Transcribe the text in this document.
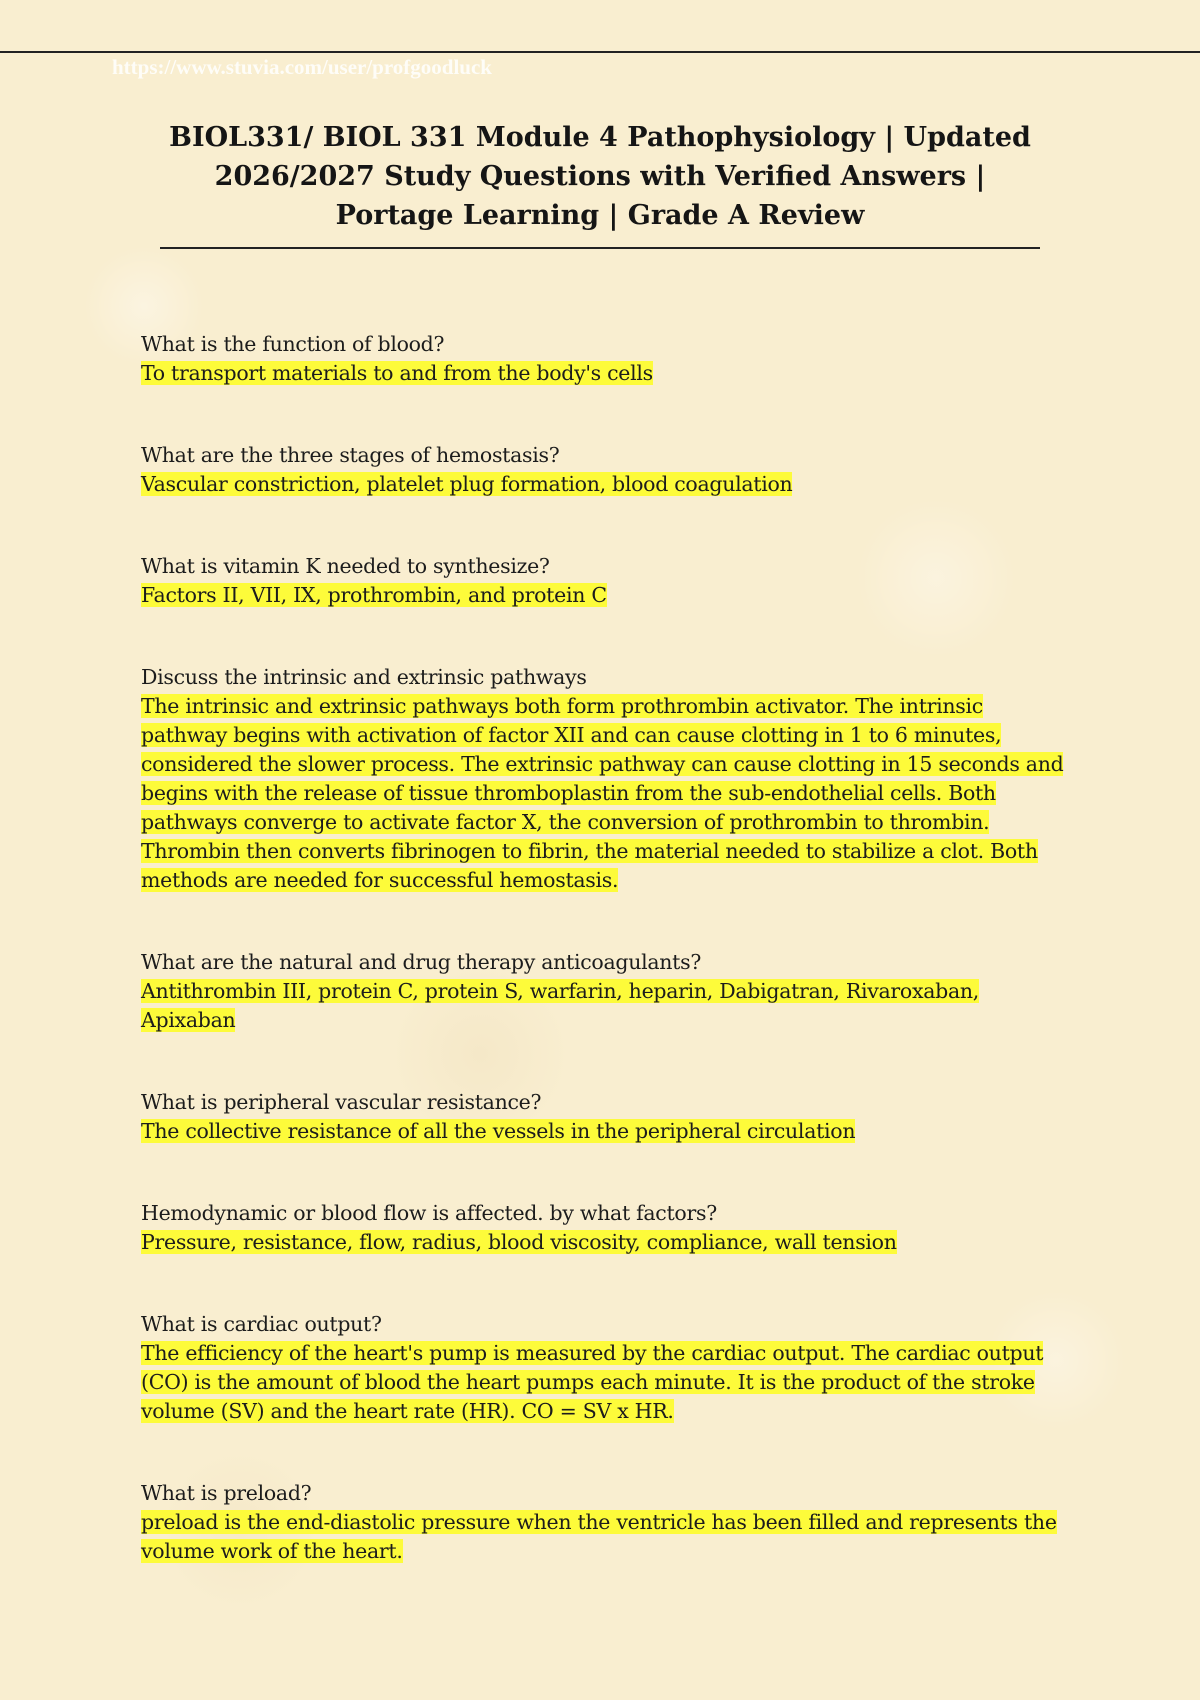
https://www.stuvia.com/user/profgoodluck
BIOL331/ BIOL 331 Module 4 Pathophysiology | Updated 2026/2027 Study Questions with Verified Answers | Portage Learning | Grade A Review

What is the function of blood?

To transport materials to and from the body's cells

What are the three stages of hemostasis?

Vascular constriction, platelet plug formation, blood coagulation

What is vitamin K needed to synthesize?

Factors II, VII, IX, prothrombin, and protein C

Discuss the intrinsic and extrinsic pathways

The intrinsic and extrinsic pathways both form prothrombin activator. The intrinsic pathway begins with activation of factor XII and can cause clotting in 1 to 6 minutes, considered the slower process. The extrinsic pathway can cause clotting in 15 seconds and begins with the release of tissue thromboplastin from the sub-endothelial cells. Both pathways converge to activate factor X, the conversion of prothrombin to thrombin. Thrombin then converts fibrinogen to fibrin, the material needed to stabilize a clot. Both methods are needed for successful hemostasis.

What are the natural and drug therapy anticoagulants?

Antithrombin III, protein C, protein S, warfarin, heparin, Dabigatran, Rivaroxaban, Apixaban

What is peripheral vascular resistance?

The collective resistance of all the vessels in the peripheral circulation

Hemodynamic or blood flow is affected. by what factors?

Pressure, resistance, flow, radius, blood viscosity, compliance, wall tension

What is cardiac output?

The efficiency of the heart's pump is measured by the cardiac output. The cardiac output (CO) is the amount of blood the heart pumps each minute. It is the product of the stroke volume (SV) and the heart rate (HR). CO = SV x HR.

What is preload?

preload is the end-diastolic pressure when the ventricle has been filled and represents the volume work of the heart.
